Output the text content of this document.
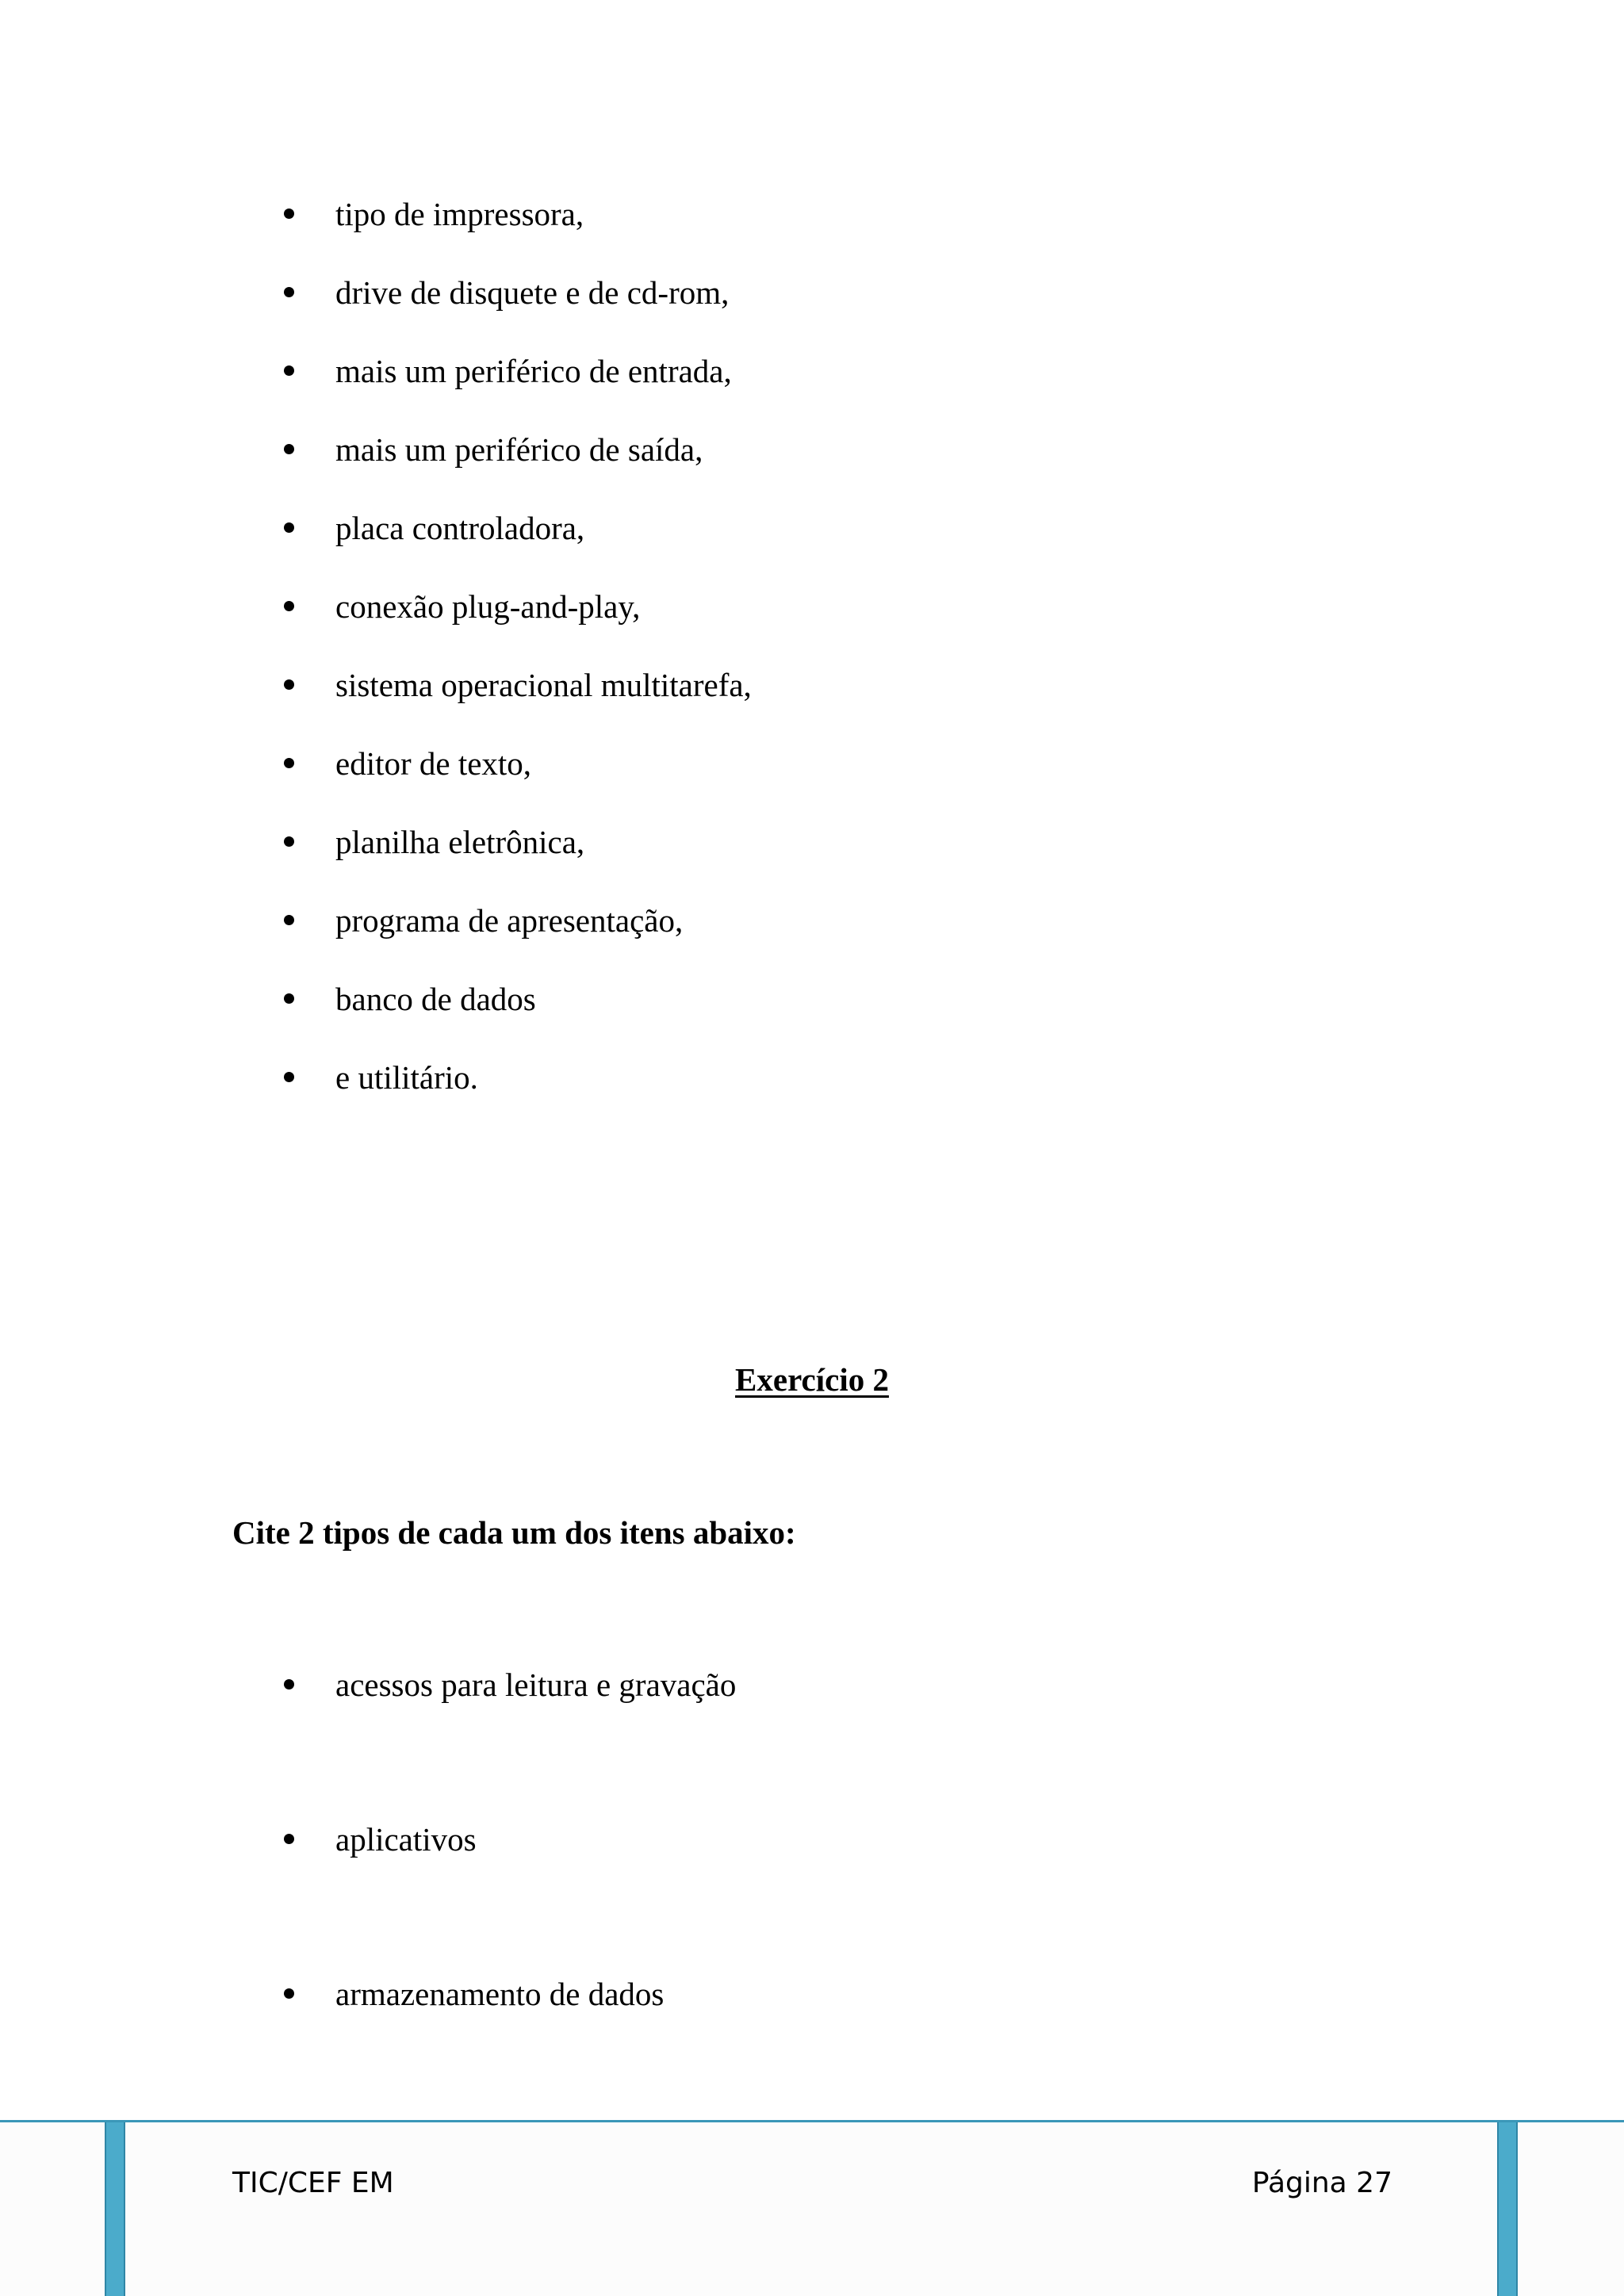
tipo de impressora,
drive de disquete e de cd-rom,
mais um periférico de entrada,
mais um periférico de saída,
placa controladora,
conexão plug-and-play,
sistema operacional multitarefa,
editor de texto,
planilha eletrônica,
programa de apresentação,
banco de dados
e utilitário.
Exercício 2

Cite 2 tipos de cada um dos itens abaixo:

acessos para leitura e gravação
aplicativos
armazenamento de dados
TIC/CEF EM	Página 27
